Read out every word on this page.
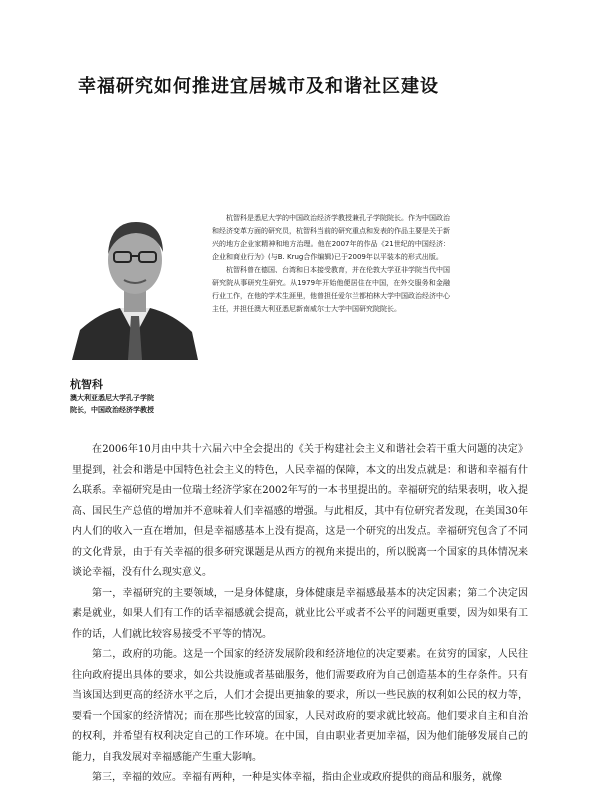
幸福研究如何推进宜居城市及和谐社区建设
杭智科
澳大利亚悉尼大学孔子学院
院长，中国政治经济学教授

杭智科是悉尼大学的中国政治经济学教授兼孔子学院院长。作为中国政治和经济变革方面的研究员，杭智科当前的研究重点和发表的作品主要是关于新兴的地方企业家精神和地方治理。他在2007年的作品《21世纪的中国经济：企业和商业行为》(与B. Krug合作编辑)已于2009年以平装本的形式出版。

杭智科曾在德国、台湾和日本接受教育，并在伦敦大学亚非学院当代中国研究院从事研究生研究。从1979年开始他便居住在中国，在外交服务和金融行业工作，在他的学术生涯里，他曾担任爱尔兰都柏林大学中国政治经济中心主任，并担任澳大利亚悉尼新南威尔士大学中国研究院院长。

在2006年10月由中共十六届六中全会提出的《关于构建社会主义和谐社会若干重大问题的决定》里提到，社会和谐是中国特色社会主义的特色，人民幸福的保障，本文的出发点就是：和谐和幸福有什么联系。幸福研究是由一位瑞士经济学家在2002年写的一本书里提出的。幸福研究的结果表明，收入提高、国民生产总值的增加并不意味着人们幸福感的增强。与此相反，其中有位研究者发现，在美国30年内人们的收入一直在增加，但是幸福感基本上没有提高，这是一个研究的出发点。幸福研究包含了不同的文化背景，由于有关幸福的很多研究课题是从西方的视角来提出的，所以脱离一个国家的具体情况来谈论幸福，没有什么现实意义。

第一，幸福研究的主要领域，一是身体健康，身体健康是幸福感最基本的决定因素；第二个决定因素是就业，如果人们有工作的话幸福感就会提高，就业比公平或者不公平的问题更重要，因为如果有工作的话，人们就比较容易接受不平等的情况。

第二，政府的功能。这是一个国家的经济发展阶段和经济地位的决定要素。在贫穷的国家，人民往往向政府提出具体的要求，如公共设施或者基础服务，他们需要政府为自己创造基本的生存条件。只有当该国达到更高的经济水平之后，人们才会提出更抽象的要求，所以一些民族的权利如公民的权力等，要看一个国家的经济情况；而在那些比较富的国家，人民对政府的要求就比较高。他们要求自主和自治的权利，并希望有权利决定自己的工作环境。在中国，自由职业者更加幸福，因为他们能够发展自己的能力，自我发展对幸福感能产生重大影响。

第三，幸福的效应。幸福有两种，一种是实体幸福，指由企业或政府提供的商品和服务，就像
